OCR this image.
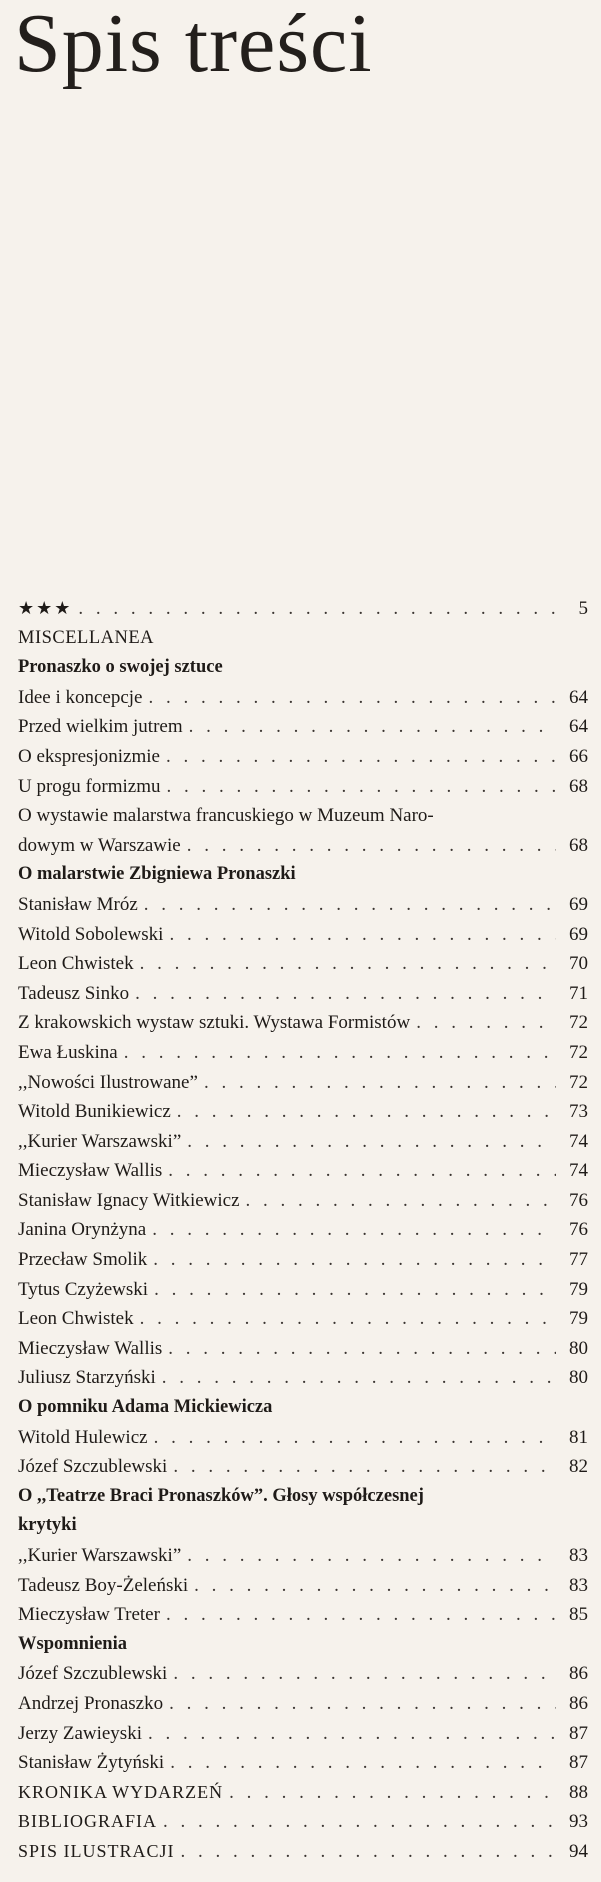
Spis treści
★★★ . . .	5
MISCELLANEA
Pronaszko o swojej sztuce
Idee i koncepcje . . .	64
Przed wielkim jutrem . . .	64
O ekspresjonizmie . . .	66
U progu formizmu . . .	68
O wystawie malarstwa francuskiego w Muzeum Naro-
dowym w Warszawie . . .	68
O malarstwie Zbigniewa Pronaszki
Stanisław Mróz . . .	69
Witold Sobolewski . . .	69
Leon Chwistek . . .	70
Tadeusz Sinko . . .	71
Z krakowskich wystaw sztuki. Wystawa Formistów . . .	72
Ewa Łuskina . . .	72
,,Nowości Ilustrowane” . . .	72
Witold Bunikiewicz . . .	73
,,Kurier Warszawski” . . .	74
Mieczysław Wallis . . .	74
Stanisław Ignacy Witkiewicz . . .	76
Janina Orynżyna . . .	76
Przecław Smolik . . .	77
Tytus Czyżewski . . .	79
Leon Chwistek . . .	79
Mieczysław Wallis . . .	80
Juliusz Starzyński . . .	80
O pomniku Adama Mickiewicza
Witold Hulewicz . . .	81
Józef Szczublewski . . .	82
O ,,Teatrze Braci Pronaszków”. Głosy współczesnej
krytyki
,,Kurier Warszawski” . . .	83
Tadeusz Boy-Żeleński . . .	83
Mieczysław Treter . . .	85
Wspomnienia
Józef Szczublewski . . .	86
Andrzej Pronaszko . . .	86
Jerzy Zawieyski . . .	87
Stanisław Żytyński . . .	87
KRONIKA WYDARZEŃ . . .	88
BIBLIOGRAFIA . . .	93
SPIS ILUSTRACJI . . .	94
